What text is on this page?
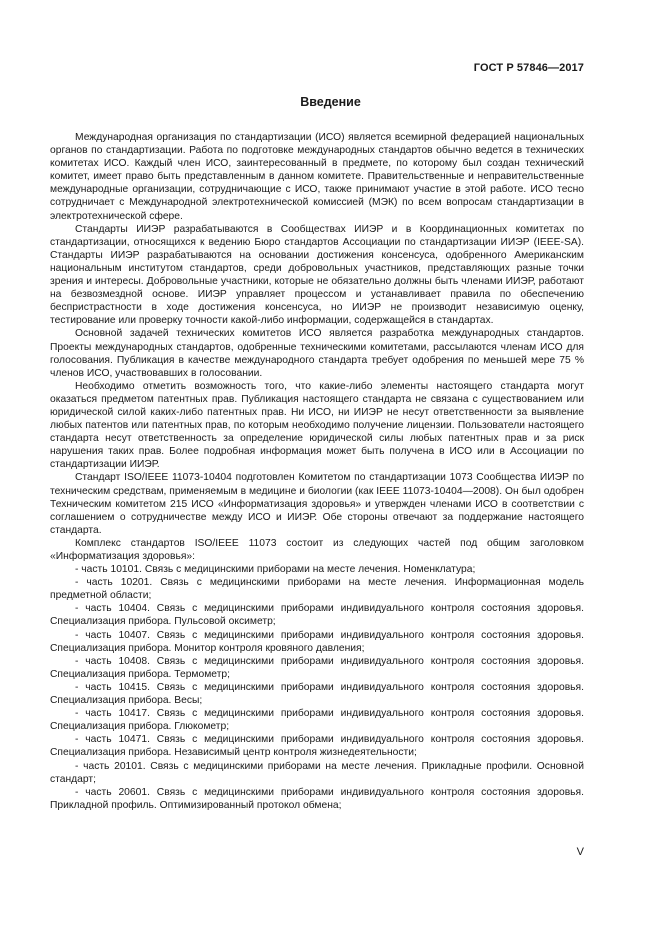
ГОСТ Р 57846—2017
Введение

Международная организация по стандартизации (ИСО) является всемирной федерацией национальных органов по стандартизации. Работа по подготовке международных стандартов обычно ведется в технических комитетах ИСО. Каждый член ИСО, заинтересованный в предмете, по которому был создан технический комитет, имеет право быть представленным в данном комитете. Правительственные и неправительственные международные организации, сотрудничающие с ИСО, также принимают участие в этой работе. ИСО тесно сотрудничает с Международной электротехнической комиссией (МЭК) по всем вопросам стандартизации в электротехнической сфере.

Стандарты ИИЭР разрабатываются в Сообществах ИИЭР и в Координационных комитетах по стандартизации, относящихся к ведению Бюро стандартов Ассоциации по стандартизации ИИЭР (IEEE-SA). Стандарты ИИЭР разрабатываются на основании достижения консенсуса, одобренного Американским национальным институтом стандартов, среди добровольных участников, представляющих разные точки зрения и интересы. Добровольные участники, которые не обязательно должны быть членами ИИЭР, работают на безвозмездной основе. ИИЭР управляет процессом и устанавливает правила по обеспечению беспристрастности в ходе достижения консенсуса, но ИИЭР не производит независимую оценку, тестирование или проверку точности какой-либо информации, содержащейся в стандартах.

Основной задачей технических комитетов ИСО является разработка международных стандартов. Проекты международных стандартов, одобренные техническими комитетами, рассылаются членам ИСО для голосования. Публикация в качестве международного стандарта требует одобрения по меньшей мере 75 % членов ИСО, участвовавших в голосовании.

Необходимо отметить возможность того, что какие-либо элементы настоящего стандарта могут оказаться предметом патентных прав. Публикация настоящего стандарта не связана с существованием или юридической силой каких-либо патентных прав. Ни ИСО, ни ИИЭР не несут ответственности за выявление любых патентов или патентных прав, по которым необходимо получение лицензии. Пользователи настоящего стандарта несут ответственность за определение юридической силы любых патентных прав и за риск нарушения таких прав. Более подробная информация может быть получена в ИСО или в Ассоциации по стандартизации ИИЭР.

Стандарт ISO/IEEE 11073-10404 подготовлен Комитетом по стандартизации 1073 Сообщества ИИЭР по техническим средствам, применяемым в медицине и биологии (как IEEE 11073-10404—2008). Он был одобрен Техническим комитетом 215 ИСО «Информатизация здоровья» и утвержден членами ИСО в соответствии с соглашением о сотрудничестве между ИСО и ИИЭР. Обе стороны отвечают за поддержание настоящего стандарта.

Комплекс стандартов ISO/IEEE 11073 состоит из следующих частей под общим заголовком «Информатизация здоровья»:

- часть 10101. Связь с медицинскими приборами на месте лечения. Номенклатура;

- часть 10201. Связь с медицинскими приборами на месте лечения. Информационная модель предметной области;

- часть 10404. Связь с медицинскими приборами индивидуального контроля состояния здоровья. Специализация прибора. Пульсовой оксиметр;

- часть 10407. Связь с медицинскими приборами индивидуального контроля состояния здоровья. Специализация прибора. Монитор контроля кровяного давления;

- часть 10408. Связь с медицинскими приборами индивидуального контроля состояния здоровья. Специализация прибора. Термометр;

- часть 10415. Связь с медицинскими приборами индивидуального контроля состояния здоровья. Специализация прибора. Весы;

- часть 10417. Связь с медицинскими приборами индивидуального контроля состояния здоровья. Специализация прибора. Глюкометр;

- часть 10471. Связь с медицинскими приборами индивидуального контроля состояния здоровья. Специализация прибора. Независимый центр контроля жизнедеятельности;

- часть 20101. Связь с медицинскими приборами на месте лечения. Прикладные профили. Основной стандарт;

- часть 20601. Связь с медицинскими приборами индивидуального контроля состояния здоровья. Прикладной профиль. Оптимизированный протокол обмена;

V
